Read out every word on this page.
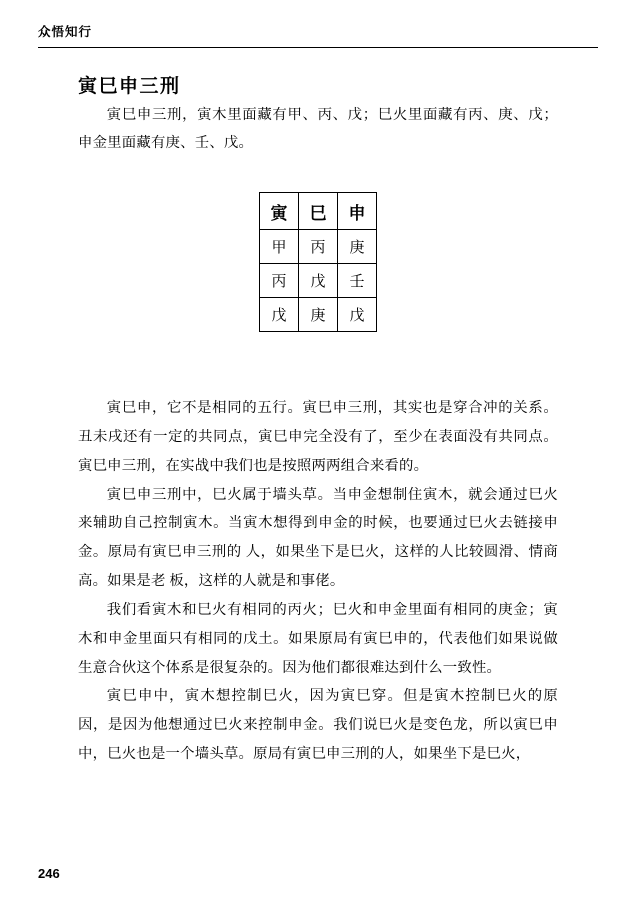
众悟知行
寅巳申三刑

寅巳申三刑，寅木里面藏有甲、丙、戊；巳火里面藏有丙、庚、戊；申金里面藏有庚、壬、戊。

寅	巳	申
甲	丙	庚
丙	戊	壬
戊	庚	戊

寅巳申，它不是相同的五行。寅巳申三刑，其实也是穿合冲的关系。丑未戌还有一定的共同点，寅巳申完全没有了，至少在表面没有共同点。寅巳申三刑，在实战中我们也是按照两两组合来看的。

寅巳申三刑中，巳火属于墙头草。当申金想制住寅木，就会通过巳火来辅助自己控制寅木。当寅木想得到申金的时候，也要通过巳火去链接申金。原局有寅巳申三刑的 人，如果坐下是巳火，这样的人比较圆滑、情商高。如果是老 板，这样的人就是和事佬。

我们看寅木和巳火有相同的丙火；巳火和申金里面有相同的庚金；寅木和申金里面只有相同的戊土。如果原局有寅巳申的，代表他们如果说做生意合伙这个体系是很复杂的。因为他们都很难达到什么一致性。

寅巳申中，寅木想控制巳火，因为寅巳穿。但是寅木控制巳火的原因，是因为他想通过巳火来控制申金。我们说巳火是变色龙，所以寅巳申中，巳火也是一个墙头草。原局有寅巳申三刑的人，如果坐下是巳火，

246
